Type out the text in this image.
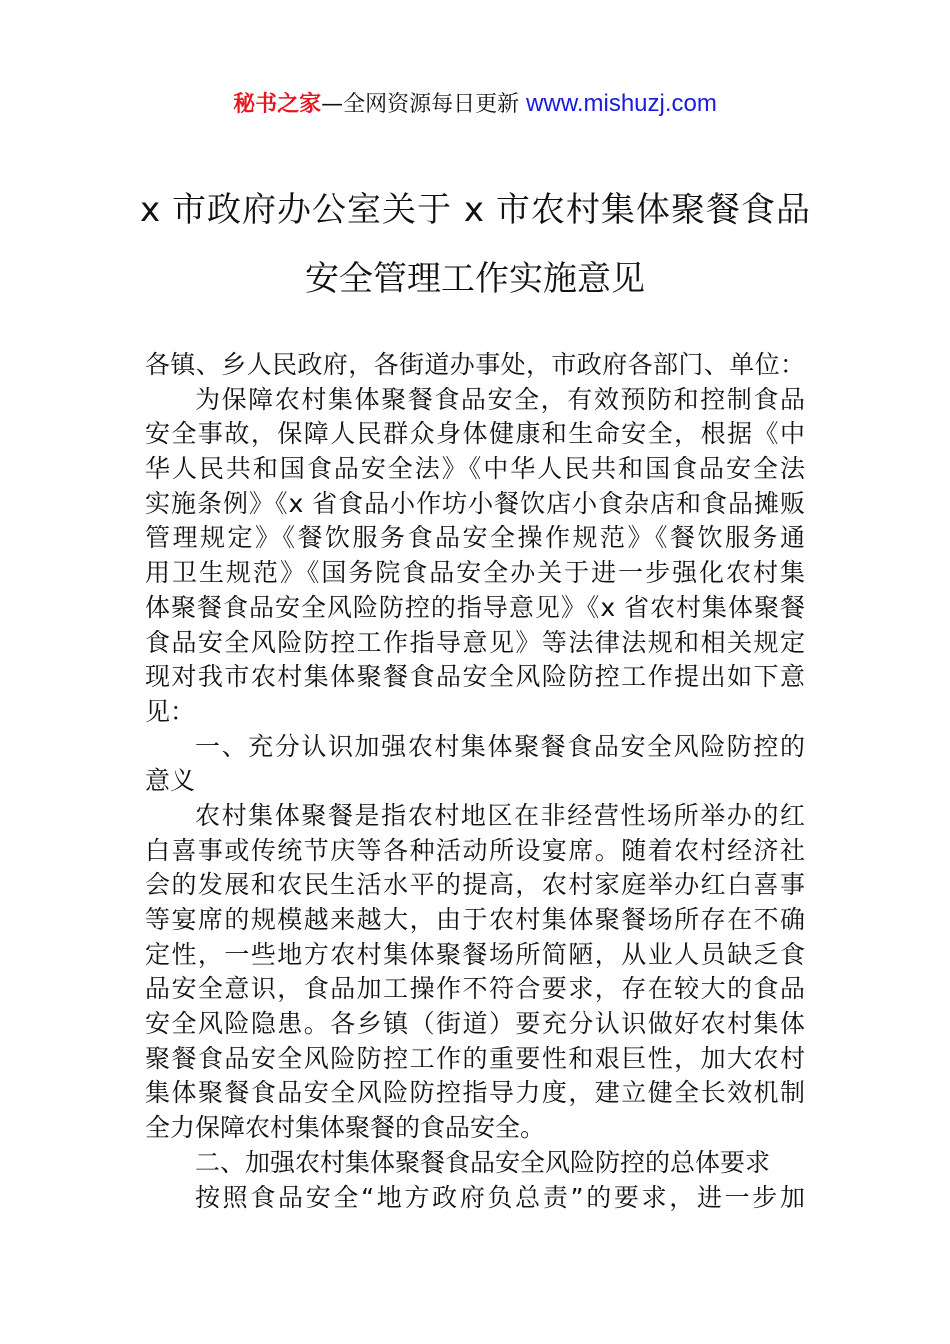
秘书之家—全网资源每日更新 www.mishuzj.com
x 市政府办公室关于 x 市农村集体聚餐食品
安全管理工作实施意见
各镇、乡人民政府，各街道办事处，市政府各部门、单位：
为保障农村集体聚餐食品安全，有效预防和控制食品
安全事故，保障人民群众身体健康和生命安全，根据《中
华人民共和国食品安全法》《中华人民共和国食品安全法
实施条例》《x 省食品小作坊小餐饮店小食杂店和食品摊贩
管理规定》《餐饮服务食品安全操作规范》《餐饮服务通
用卫生规范》《国务院食品安全办关于进一步强化农村集
体聚餐食品安全风险防控的指导意见》《x 省农村集体聚餐
食品安全风险防控工作指导意见》等法律法规和相关规定
现对我市农村集体聚餐食品安全风险防控工作提出如下意
见：
一、充分认识加强农村集体聚餐食品安全风险防控的
意义
农村集体聚餐是指农村地区在非经营性场所举办的红
白喜事或传统节庆等各种活动所设宴席。随着农村经济社
会的发展和农民生活水平的提高，农村家庭举办红白喜事
等宴席的规模越来越大，由于农村集体聚餐场所存在不确
定性，一些地方农村集体聚餐场所简陋，从业人员缺乏食
品安全意识，食品加工操作不符合要求，存在较大的食品
安全风险隐患。各乡镇（街道）要充分认识做好农村集体
聚餐食品安全风险防控工作的重要性和艰巨性，加大农村
集体聚餐食品安全风险防控指导力度，建立健全长效机制
全力保障农村集体聚餐的食品安全。
二、加强农村集体聚餐食品安全风险防控的总体要求
按照食品安全“地方政府负总责”的要求，进一步加
